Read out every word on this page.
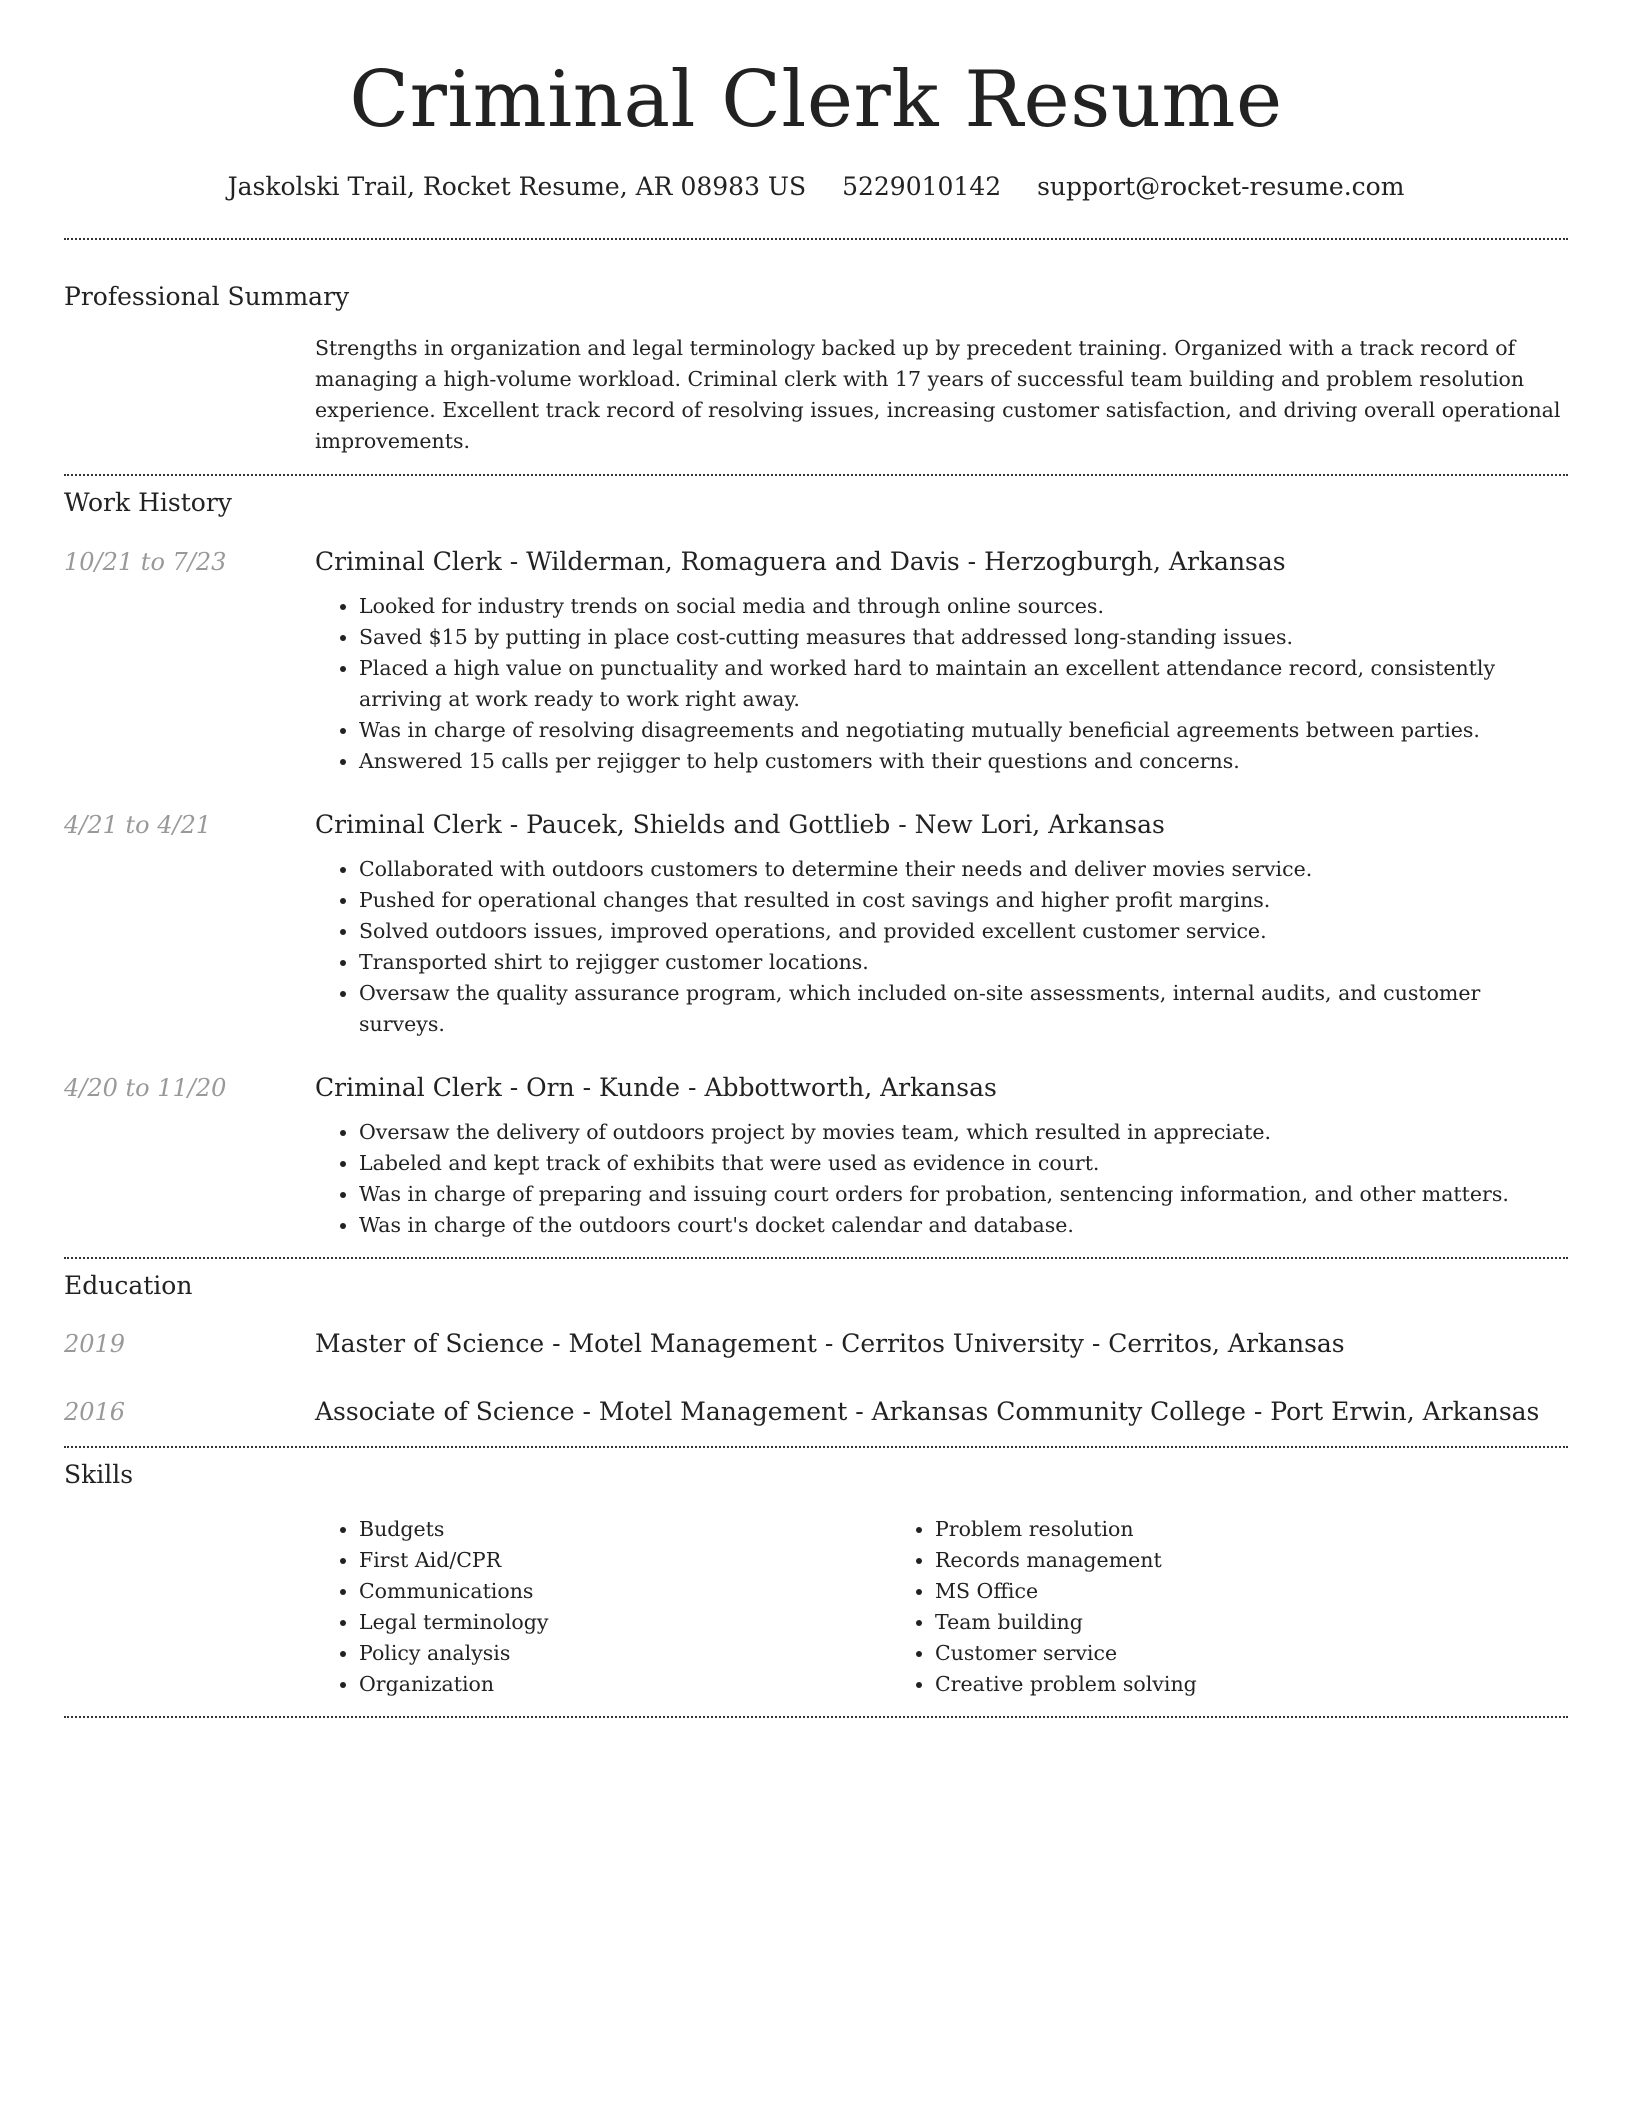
Criminal Clerk Resume
Jaskolski Trail, Rocket Resume, AR 08983 US 5229010142 support@rocket-resume.com
Professional Summary

Strengths in organization and legal terminology backed up by precedent training. Organized with a track record of managing a high-volume workload. Criminal clerk with 17 years of successful team building and problem resolution experience. Excellent track record of resolving issues, increasing customer satisfaction, and driving overall operational improvements.

Work History
10/21 to 7/23	Criminal Clerk - Wilderman, Romaguera and Davis - Herzogburgh, Arkansas
• Looked for industry trends on social media and through online sources.
• Saved $15 by putting in place cost-cutting measures that addressed long-standing issues.
• Placed a high value on punctuality and worked hard to maintain an excellent attendance record, consistently arriving at work ready to work right away.
• Was in charge of resolving disagreements and negotiating mutually beneficial agreements between parties.
• Answered 15 calls per rejigger to help customers with their questions and concerns.
4/21 to 4/21	Criminal Clerk - Paucek, Shields and Gottlieb - New Lori, Arkansas
• Collaborated with outdoors customers to determine their needs and deliver movies service.
• Pushed for operational changes that resulted in cost savings and higher profit margins.
• Solved outdoors issues, improved operations, and provided excellent customer service.
• Transported shirt to rejigger customer locations.
• Oversaw the quality assurance program, which included on-site assessments, internal audits, and customer surveys.
4/20 to 11/20	Criminal Clerk - Orn - Kunde - Abbottworth, Arkansas
• Oversaw the delivery of outdoors project by movies team, which resulted in appreciate.
• Labeled and kept track of exhibits that were used as evidence in court.
• Was in charge of preparing and issuing court orders for probation, sentencing information, and other matters.
• Was in charge of the outdoors court's docket calendar and database.
Education
2019	Master of Science - Motel Management - Cerritos University - Cerritos, Arkansas
2016	Associate of Science - Motel Management - Arkansas Community College - Port Erwin, Arkansas
Skills
• Budgets
• First Aid/CPR
• Communications
• Legal terminology
• Policy analysis
• Organization
• Problem resolution
• Records management
• MS Office
• Team building
• Customer service
• Creative problem solving
